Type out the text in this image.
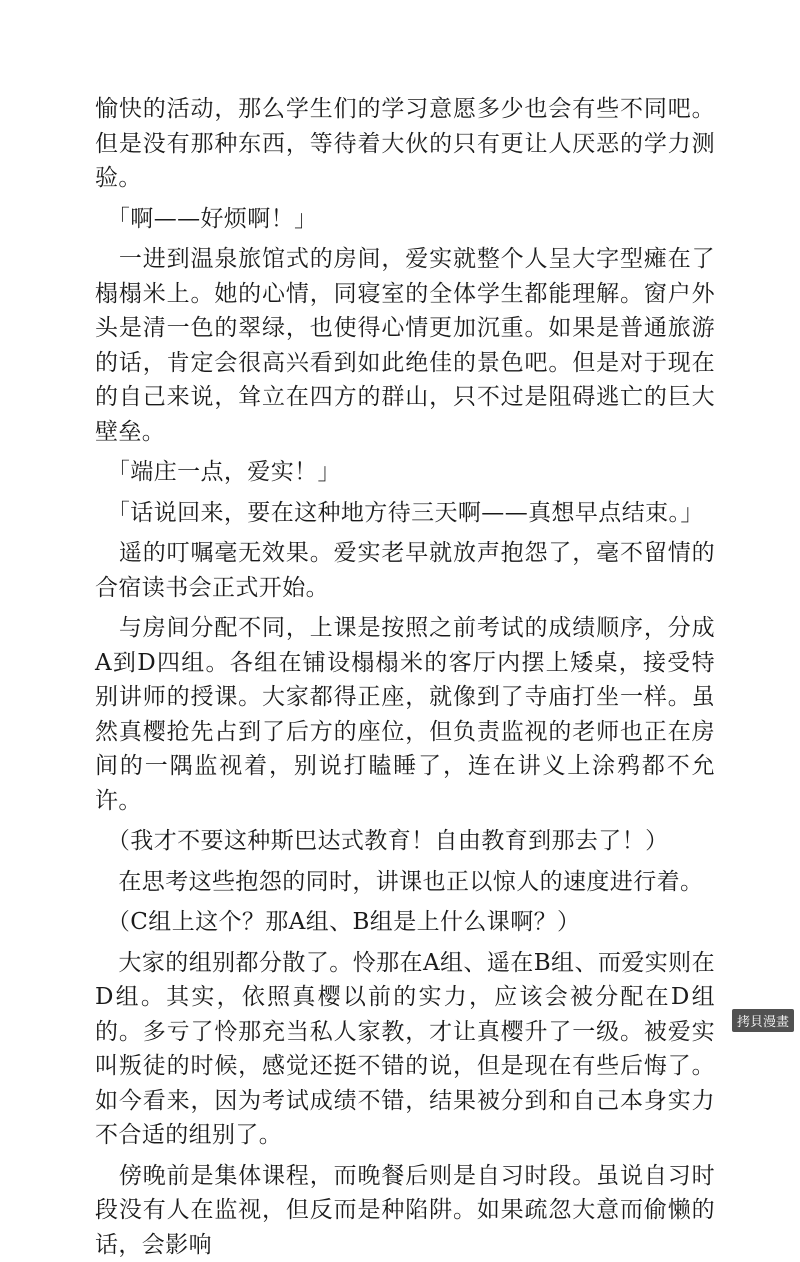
愉快的活动，那么学生们的学习意愿多少也会有些不同吧。但是没有那种东西，等待着大伙的只有更让人厌恶的学力测验。

　「啊——好烦啊！」

　一进到温泉旅馆式的房间，爱实就整个人呈大字型瘫在了榻榻米上。她的心情，同寝室的全体学生都能理解。窗户外头是清一色的翠绿，也使得心情更加沉重。如果是普通旅游的话，肯定会很高兴看到如此绝佳的景色吧。但是对于现在的自己来说，耸立在四方的群山，只不过是阻碍逃亡的巨大壁垒。

　「端庄一点，爱实！」

　「话说回来，要在这种地方待三天啊——真想早点结束。」

　遥的叮嘱毫无效果。爱实老早就放声抱怨了，毫不留情的合宿读书会正式开始。

　与房间分配不同，上课是按照之前考试的成绩顺序，分成A到D四组。各组在铺设榻榻米的客厅内摆上矮桌，接受特别讲师的授课。大家都得正座，就像到了寺庙打坐一样。虽然真樱抢先占到了后方的座位，但负责监视的老师也正在房间的一隅监视着，别说打瞌睡了，连在讲义上涂鸦都不允许。

　（我才不要这种斯巴达式教育！自由教育到那去了！）

　在思考这些抱怨的同时，讲课也正以惊人的速度进行着。

　（C组上这个？那A组、B组是上什么课啊？）

　大家的组别都分散了。怜那在A组、遥在B组、而爱实则在D组。其实，依照真樱以前的实力，应该会被分配在D组的。多亏了怜那充当私人家教，才让真樱升了一级。被爱实叫叛徒的时候，感觉还挺不错的说，但是现在有些后悔了。如今看来，因为考试成绩不错，结果被分到和自己本身实力不合适的组别了。

　傍晚前是集体课程，而晚餐后则是自习时段。虽说自习时段没有人在监视，但反而是种陷阱。如果疏忽大意而偷懒的话，会影响

拷貝漫畫
